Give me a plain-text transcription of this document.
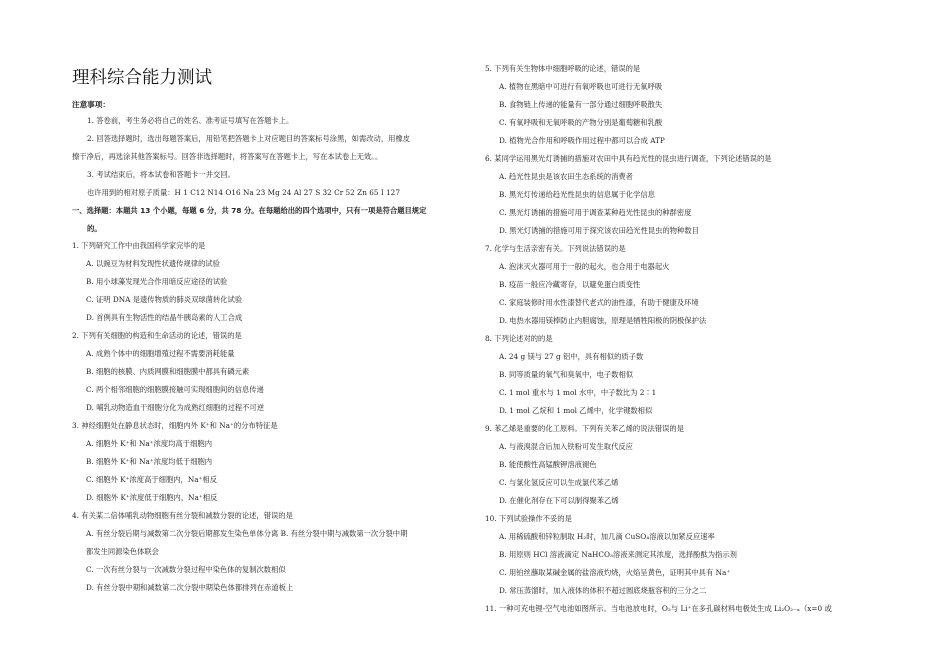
理科综合能力测试
注意事项：
1. 答卷前，考生务必将自己的姓名、准考证号填写在答题卡上。
2. 回答选择题时，选出每题答案后，用铅笔把答题卡上对应题目的答案标号涂黑，如需改动，用橡皮
擦干净后，再选涂其他答案标号。回答非选择题时，将答案写在答题卡上，写在本试卷上无效。。
3. 考试结束后，将本试卷和答题卡一并交回。
也许用到的相对原子质量：H 1 C12 N14 O16 Na 23 Mg 24 Al 27 S 32 Cr 52 Zn 65 I 127
一、选择题：本题共 13 个小题，每题 6 分，共 78 分。在每题给出的四个选项中，只有一项是符合题目规定
的。
1. 下列研究工作中由我国科学家完毕的是
A. 以豌豆为材料发现性状遗传规律的试验
B. 用小球藻发现光合作用暗反应途径的试验
C. 证明 DNA 是遗传物质的肺炎双球菌转化试验
D. 首例具有生物活性的结晶牛胰岛素的人工合成
2. 下列有关细胞的构造和生命活动的论述，错误的是
A. 成熟个体中的细胞增殖过程不需要消耗能量
B. 细胞的核膜、内质网膜和细胞膜中都具有磷元素
C. 两个相邻细胞的细胞膜接触可实现细胞间的信息传递
D. 哺乳动物造血干细胞分化为成熟红细胞的过程不可逆
3. 神经细胞处在静息状态时，细胞内外 K⁺和 Na⁺的分布特征是
A. 细胞外 K⁺和 Na⁺浓度均高于细胞内
B. 细胞外 K⁺和 Na⁺浓度均低于细胞内
C. 细胞外 K⁺浓度高于细胞内，Na⁺相反
D. 细胞外 K⁺浓度低于细胞内，Na⁺相反
4. 有关某二倍体哺乳动物细胞有丝分裂和减数分裂的论述，错误的是
A. 有丝分裂后期与减数第二次分裂后期都发生染色单体分离 B. 有丝分裂中期与减数第一次分裂中期
都发生同源染色体联会
C. 一次有丝分裂与一次减数分裂过程中染色体的复制次数相似
D. 有丝分裂中期和减数第二次分裂中期染色体都排列在赤道板上
5. 下列有关生物体中细胞呼吸的论述，错误的是
A. 植物在黑暗中可进行有氧呼吸也可进行无氧呼吸
B. 食物链上传递的能量有一部分通过细胞呼吸散失
C. 有氧呼吸和无氧呼吸的产物分别是葡萄糖和乳酸
D. 植物光合作用和呼吸作用过程中都可以合成 ATP
6. 某同学运用黑光灯诱捕的措施对农田中具有趋光性的昆虫进行调查，下列论述错误的是
A. 趋光性昆虫是该农田生态系统的消费者
B. 黑光灯传递给趋光性昆虫的信息属于化学信息
C. 黑光灯诱捕的措施可用于调查某种趋光性昆虫的种群密度
D. 黑光灯诱捕的措施可用于探究该农田趋光性昆虫的物种数目
7. 化学与生活亲密有关。下列说法错误的是
A. 泡沫灭火器可用于一般的起火，也合用于电器起火
B. 疫苗一般应冷藏寄存，以避免蛋白质变性
C. 家庭装修时用水性漆替代老式的油性漆，有助于健康及环境
D. 电热水器用镁棒防止内胆腐蚀，原理是牺牲阳极的阴极保护法
8. 下列论述对的的是
A. 24 g 镁与 27 g 铝中，具有相似的质子数
B. 同等质量的氧气和臭氧中，电子数相似
C. 1 mol 重水与 1 mol 水中，中子数比为 2∶1
D. 1 mol 乙烷和 1 mol 乙烯中，化学键数相似
9. 苯乙烯是重要的化工原料。下列有关苯乙烯的说法错误的是
A. 与液溴混合后加入铁粉可发生取代反应
B. 能使酸性高锰酸钾溶液褪色
C. 与氯化氢反应可以生成氯代苯乙烯
D. 在催化剂存在下可以制得聚苯乙烯
10. 下列试验操作不妥的是
A. 用稀硫酸和锌粒制取 H₂时，加几滴 CuSO₄溶液以加紧反应速率
B. 用原则 HCl 溶液滴定 NaHCO₃溶液来测定其浓度，选择酚酞为指示剂
C. 用铂丝蘸取某碱金属的盐溶液灼烧，火焰呈黄色，证明其中具有 Na⁺
D. 常压蒸馏时，加入液体的体积不超过圆底烧瓶容积的三分之二
11. 一种可充电锂-空气电池如图所示。当电池放电时，O₂与 Li⁺在多孔碳材料电极处生成 Li₂O₂₋ₓ（x=0 或
